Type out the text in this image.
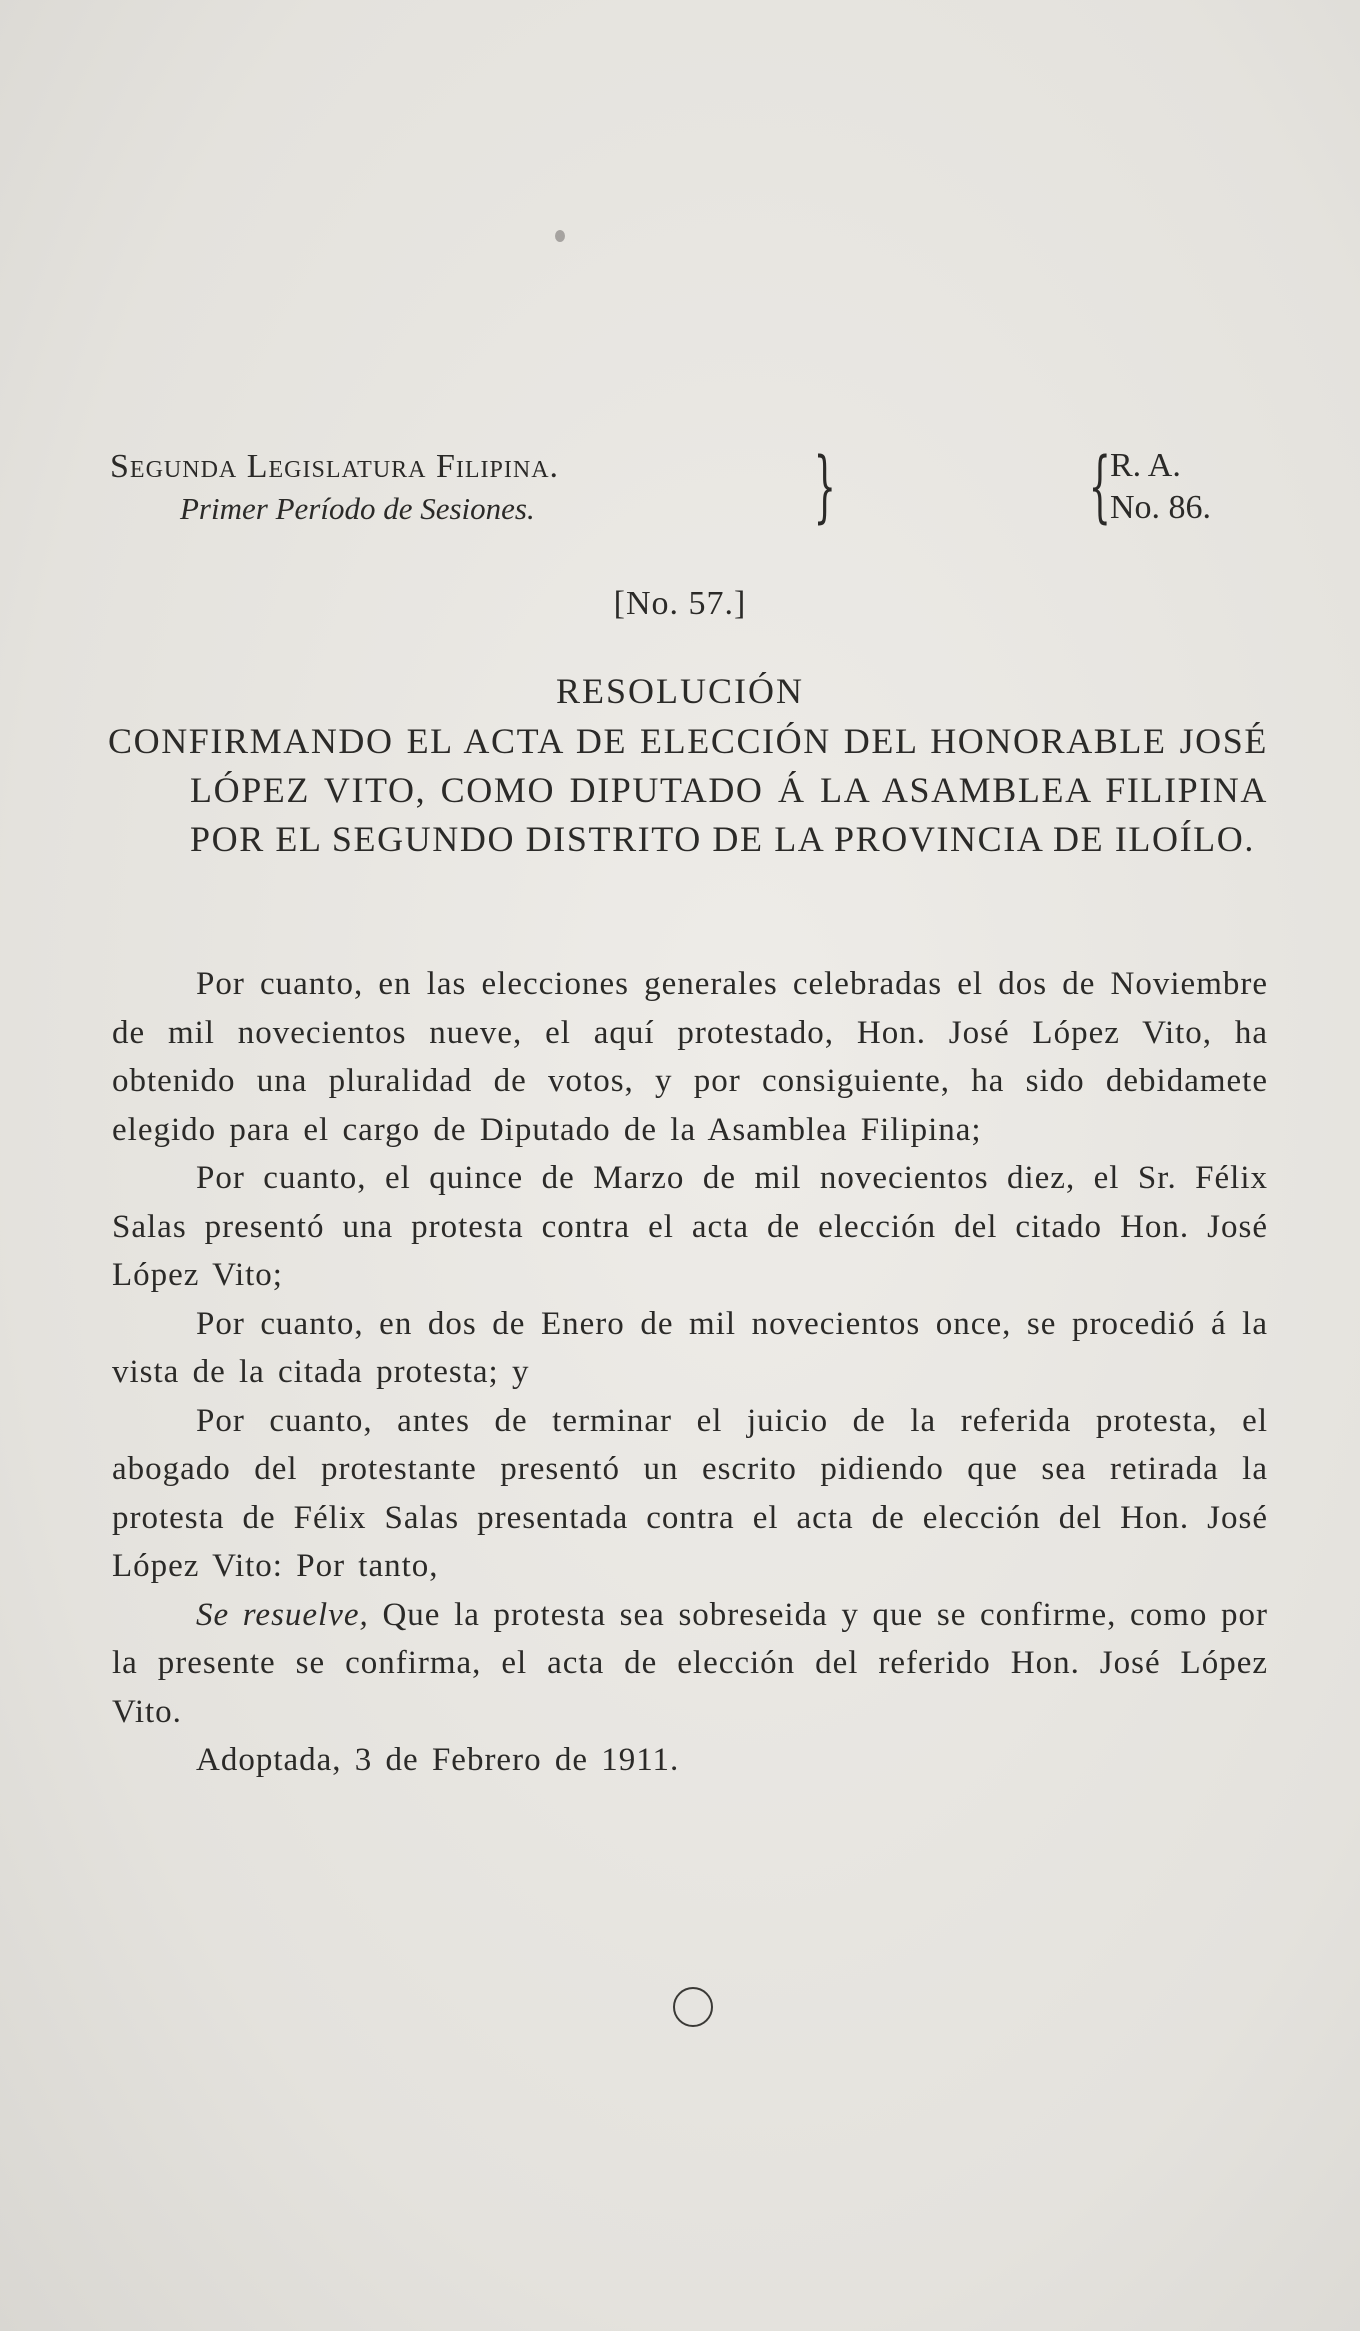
Segunda Legislatura Filipina.
Primer Período de Sesiones.	}	{ R. A.
No. 86.
[No. 57.]
RESOLUCIÓN
CONFIRMANDO EL ACTA DE ELECCIÓN DEL HONORABLE JOSÉ LÓPEZ VITO, COMO DIPUTADO Á LA ASAMBLEA FILIPINA POR EL SEGUNDO DISTRITO DE LA PROVINCIA DE ILOÍLO.

Por cuanto, en las elecciones generales celebradas el dos de Noviembre de mil novecientos nueve, el aquí protestado, Hon. José López Vito, ha obtenido una pluralidad de votos, y por consiguiente, ha sido debidamete elegido para el cargo de Diputado de la Asamblea Filipina;

Por cuanto, el quince de Marzo de mil novecientos diez, el Sr. Félix Salas presentó una protesta contra el acta de elección del citado Hon. José López Vito;

Por cuanto, en dos de Enero de mil novecientos once, se procedió á la vista de la citada protesta; y

Por cuanto, antes de terminar el juicio de la referida protesta, el abogado del protestante presentó un escrito pidiendo que sea retirada la protesta de Félix Salas presentada contra el acta de elección del Hon. José López Vito: Por tanto,

Se resuelve, Que la protesta sea sobreseida y que se confirme, como por la presente se confirma, el acta de elección del referido Hon. José López Vito.

Adoptada, 3 de Febrero de 1911.
